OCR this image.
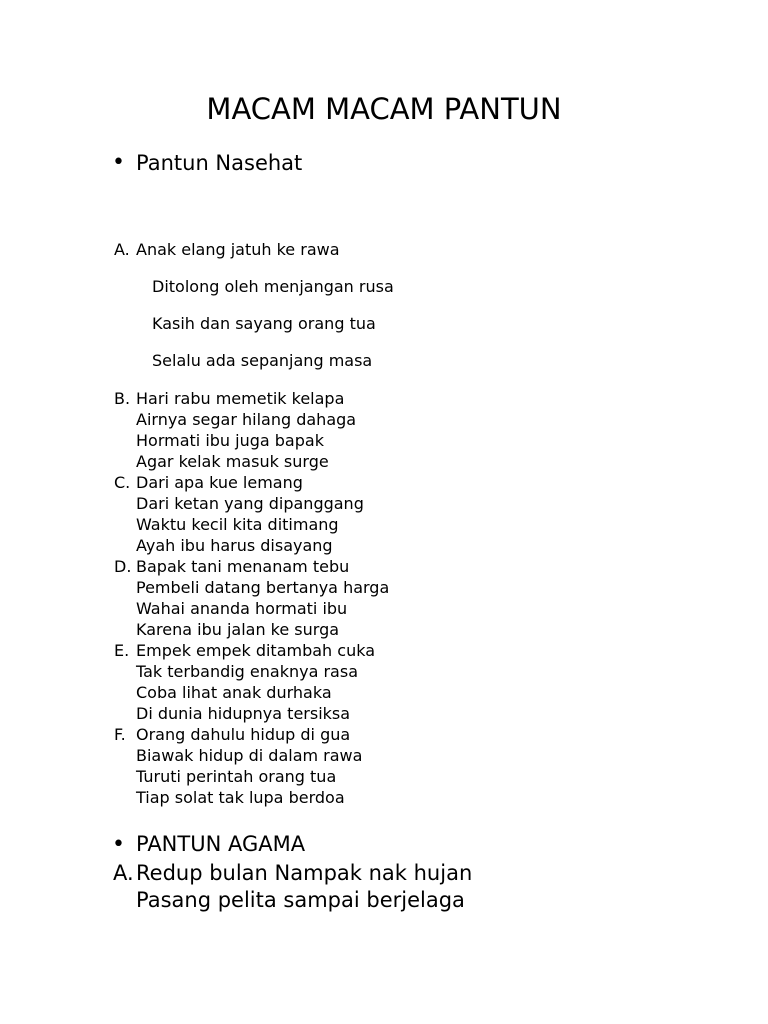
MACAM MACAM PANTUN
• Pantun Nasehat
A. Anak elang jatuh ke rawa
Ditolong oleh menjangan rusa
Kasih dan sayang orang tua
Selalu ada sepanjang masa
B. Hari rabu memetik kelapa
Airnya segar hilang dahaga
Hormati ibu juga bapak
Agar kelak masuk surge
C. Dari apa kue lemang
Dari ketan yang dipanggang
Waktu kecil kita ditimang
Ayah ibu harus disayang
D. Bapak tani menanam tebu
Pembeli datang bertanya harga
Wahai ananda hormati ibu
Karena ibu jalan ke surga
E. Empek empek ditambah cuka
Tak terbandig enaknya rasa
Coba lihat anak durhaka
Di dunia hidupnya tersiksa
F. Orang dahulu hidup di gua
Biawak hidup di dalam rawa
Turuti perintah orang tua
Tiap solat tak lupa berdoa
• PANTUN AGAMA
A. Redup bulan Nampak nak hujan
Pasang pelita sampai berjelaga
